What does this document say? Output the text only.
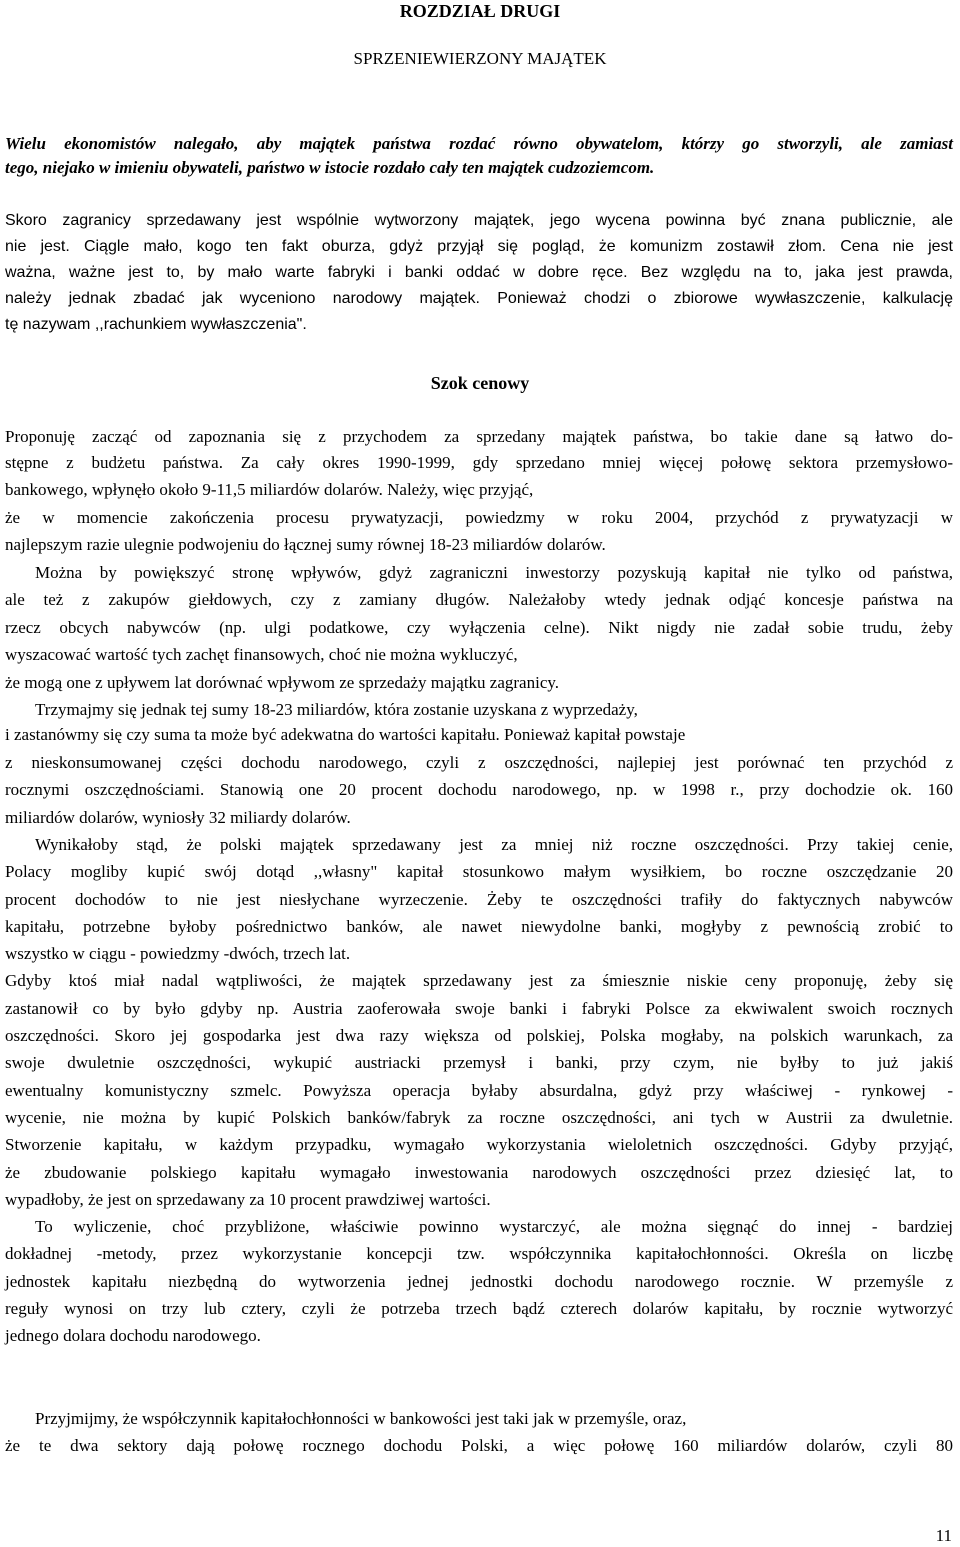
ROZDZIAŁ DRUGI
SPRZENIEWIERZONY MAJĄTEK
Wielu ekonomistów nalegało, aby majątek państwa rozdać równo obywatelom, którzy go stworzyli, ale zamiast
tego, niejako w imieniu obywateli, państwo w istocie rozdało cały ten majątek cudzoziemcom.
Skoro zagranicy sprzedawany jest wspólnie wytworzony majątek, jego wycena powinna być znana publicznie, ale
nie jest. Ciągle mało, kogo ten fakt oburza, gdyż przyjął się pogląd, że komunizm zostawił złom. Cena nie jest
ważna, ważne jest to, by mało warte fabryki i banki oddać w dobre ręce. Bez względu na to, jaka jest prawda,
należy jednak zbadać jak wyceniono narodowy majątek. Ponieważ chodzi o zbiorowe wywłaszczenie, kalkulację
tę nazywam ,,rachunkiem wywłaszczenia".
Szok cenowy
Proponuję zacząć od zapoznania się z przychodem za sprzedany majątek państwa, bo takie dane są łatwo do-
stępne z budżetu państwa. Za cały okres 1990-1999, gdy sprzedano mniej więcej połowę sektora przemysłowo-
bankowego, wpłynęło około 9-11,5 miliardów dolarów. Należy, więc przyjąć,
że w momencie zakończenia procesu prywatyzacji, powiedzmy w roku 2004, przychód z prywatyzacji w
najlepszym razie ulegnie podwojeniu do łącznej sumy równej 18-23 miliardów dolarów.
Można by powiększyć stronę wpływów, gdyż zagraniczni inwestorzy pozyskują kapitał nie tylko od państwa,
ale też z zakupów giełdowych, czy z zamiany długów. Należałoby wtedy jednak odjąć koncesje państwa na
rzecz obcych nabywców (np. ulgi podatkowe, czy wyłączenia celne). Nikt nigdy nie zadał sobie trudu, żeby
wyszacować wartość tych zachęt finansowych, choć nie można wykluczyć,
że mogą one z upływem lat dorównać wpływom ze sprzedaży majątku zagranicy.
Trzymajmy się jednak tej sumy 18-23 miliardów, która zostanie uzyskana z wyprzedaży,
i zastanówmy się czy suma ta może być adekwatna do wartości kapitału. Ponieważ kapitał powstaje
z nieskonsumowanej części dochodu narodowego, czyli z oszczędności, najlepiej jest porównać ten przychód z
rocznymi oszczędnościami. Stanowią one 20 procent dochodu narodowego, np. w 1998 r., przy dochodzie ok. 160
miliardów dolarów, wyniosły 32 miliardy dolarów.
Wynikałoby stąd, że polski majątek sprzedawany jest za mniej niż roczne oszczędności. Przy takiej cenie,
Polacy mogliby kupić swój dotąd ,,własny" kapitał stosunkowo małym wysiłkiem, bo roczne oszczędzanie 20
procent dochodów to nie jest niesłychane wyrzeczenie. Żeby te oszczędności trafiły do faktycznych nabywców
kapitału, potrzebne byłoby pośrednictwo banków, ale nawet niewydolne banki, mogłyby z pewnością zrobić to
wszystko w ciągu - powiedzmy -dwóch, trzech lat.
Gdyby ktoś miał nadal wątpliwości, że majątek sprzedawany jest za śmiesznie niskie ceny proponuję, żeby się
zastanowił co by było gdyby np. Austria zaoferowała swoje banki i fabryki Polsce za ekwiwalent swoich rocznych
oszczędności. Skoro jej gospodarka jest dwa razy większa od polskiej, Polska mogłaby, na polskich warunkach, za
swoje dwuletnie oszczędności, wykupić austriacki przemysł i banki, przy czym, nie byłby to już jakiś
ewentualny komunistyczny szmelc. Powyższa operacja byłaby absurdalna, gdyż przy właściwej - rynkowej -
wycenie, nie można by kupić Polskich banków/fabryk za roczne oszczędności, ani tych w Austrii za dwuletnie.
Stworzenie kapitału, w każdym przypadku, wymagało wykorzystania wieloletnich oszczędności. Gdyby przyjąć,
że zbudowanie polskiego kapitału wymagało inwestowania narodowych oszczędności przez dziesięć lat, to
wypadłoby, że jest on sprzedawany za 10 procent prawdziwej wartości.
To wyliczenie, choć przybliżone, właściwie powinno wystarczyć, ale można sięgnąć do innej - bardziej
dokładnej -metody, przez wykorzystanie koncepcji tzw. współczynnika kapitałochłonności. Określa on liczbę
jednostek kapitału niezbędną do wytworzenia jednej jednostki dochodu narodowego rocznie. W przemyśle z
reguły wynosi on trzy lub cztery, czyli że potrzeba trzech bądź czterech dolarów kapitału, by rocznie wytworzyć
jednego dolara dochodu narodowego.
Przyjmijmy, że współczynnik kapitałochłonności w bankowości jest taki jak w przemyśle, oraz,
że te dwa sektory dają połowę rocznego dochodu Polski, a więc połowę 160 miliardów dolarów, czyli 80
11
